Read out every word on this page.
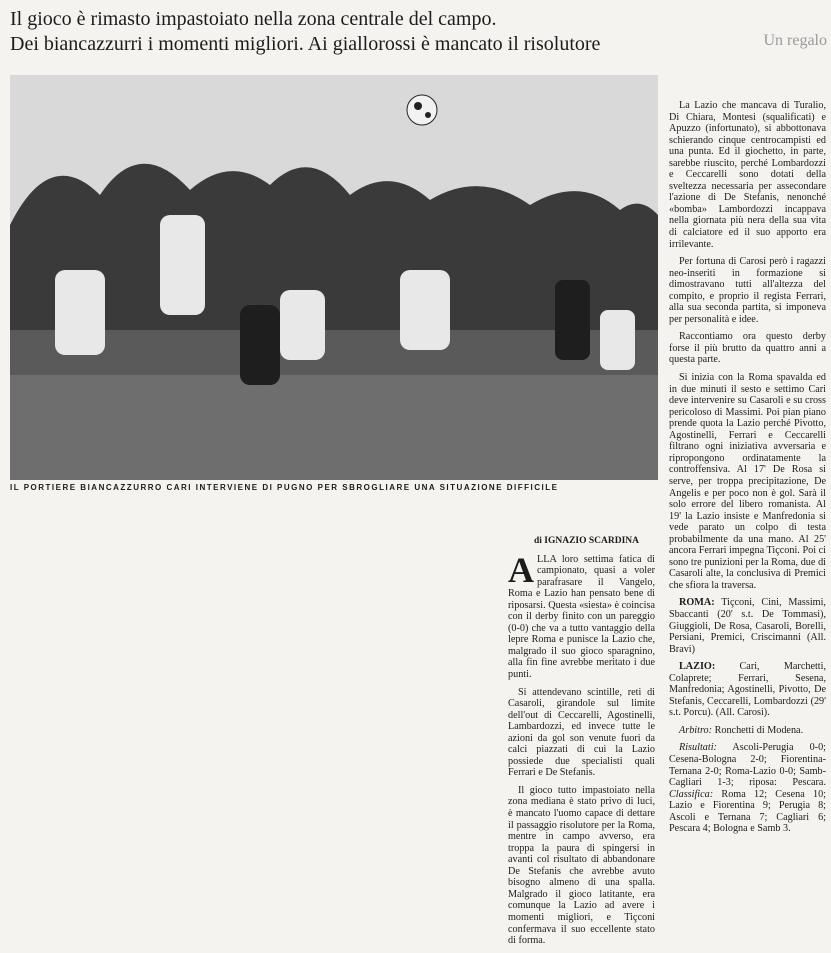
Il gioco è rimasto impastoiato nella zona centrale del campo.
Dei biancazzurri i momenti migliori. Ai giallorossi è mancato il risolutore	Un regalo
IL PORTIERE BIANCAZZURRO CARI INTERVIENE DI PUGNO PER SBROGLIARE UNA SITUAZIONE DIFFICILE

di IGNAZIO SCARDINA

ALLA loro settima fatica di campionato, quasi a voler parafrasare il Vangelo, Roma e Lazio han pensato bene di riposarsi. Questa «siesta» è coincisa con il derby finito con un pareggio (0-0) che va a tutto vantaggio della lepre Roma e punisce la Lazio che, malgrado il suo gioco sparagnino, alla fin fine avrebbe meritato i due punti.

Si attendevano scintille, reti di Casaroli, girandole sul limite dell'out di Ceccarelli, Agostinelli, Lambardozzi, ed invece tutte le azioni da gol son venute fuori da calci piazzati di cui la Lazio possiede due specialisti quali Ferrari e De Stefanis.

Il gioco tutto impastoiato nella zona mediana è stato privo di luci, è mancato l'uomo capace di dettare il passaggio risolutore per la Roma, mentre in campo avverso, era troppa la paura di spingersi in avanti col risultato di abbandonare De Stefanis che avrebbe avuto bisogno almeno di una spalla. Malgrado il gioco latitante, era comunque la Lazio ad avere i momenti migliori, e Tiçconi confermava il suo eccellente stato di forma.

La Lazio che mancava di Turalio, Di Chiara, Montesi (squalificati) e Apuzzo (infortunato), si abbottonava schierando cinque centrocampisti ed una punta. Ed il giochetto, in parte, sarebbe riuscito, perché Lombardozzi e Ceccarelli sono dotati della sveltezza necessaria per assecondare l'azione di De Stefanis, nenonché «bomba» Lambordozzi incappava nella giornata più nera della sua vita di calciatore ed il suo apporto era irrilevante.

Per fortuna di Carosi però i ragazzi neo-inseriti in formazione si dimostravano tutti all'altezza del compito, e proprio il regista Ferrari, alla sua seconda partita, si imponeva per personalità e idee.

Raccontiamo ora questo derby forse il più brutto da quattro anni a questa parte.

Si inizia con la Roma spavalda ed in due minuti il sesto e settimo Cari deve intervenire su Casaroli e su cross pericoloso di Massimi. Poi pian piano prende quota la Lazio perché Pivotto, Agostinelli, Ferrari e Ceccarelli filtrano ogni iniziativa avversaria e ripropongono ordinatamente la controffensiva. Al 17' De Rosa si serve, per troppa precipitazione, De Angelis e per poco non è gol. Sarà il solo errore del libero romanista. Al 19' la Lazio insiste e Manfredonia si vede parato un colpo di testa probabilmente da una mano. Al 25' ancora Ferrari impegna Tiçconi. Poi ci sono tre punizioni per la Roma, due di Casaroli alte, la conclusiva di Premici che sfiora la traversa.

ROMA: Tiçconi, Cini, Massimi, Sbaccanti (20' s.t. De Tommasi), Giuggioli, De Rosa, Casaroli, Borelli, Persiani, Premici, Criscimanni (All. Bravi)

LAZIO: Cari, Marchetti, Colaprete; Ferrari, Sesena, Manfredonia; Agostinelli, Pivotto, De Stefanis, Ceccarelli, Lombardozzi (29' s.t. Porcu). (All. Carosi).

Arbitro: Ronchetti di Modena.

Risultati: Ascoli-Perugia 0-0; Cesena-Bologna 2-0; Fiorentina-Ternana 2-0; Roma-Lazio 0-0; Samb-Cagliari 1-3; riposa: Pescara. Classifica: Roma 12; Cesena 10; Lazio e Fiorentina 9; Perugia 8; Ascoli e Ternana 7; Cagliari 6; Pescara 4; Bologna e Samb 3.
